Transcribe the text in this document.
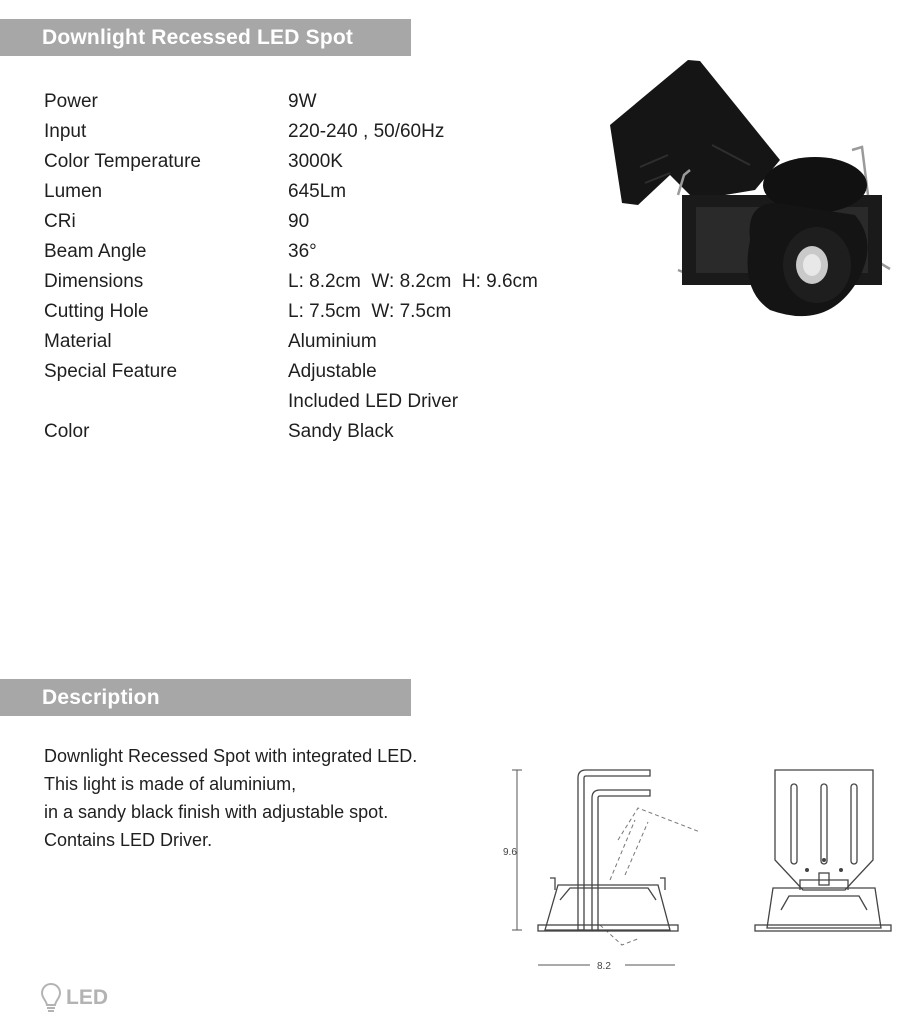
Downlight Recessed LED Spot
Power	9W
Input	220-240 , 50/60Hz
Color Temperature	3000K
Lumen	645Lm
CRi	90
Beam Angle	36°
Dimensions	L: 8.2cm  W: 8.2cm  H: 9.6cm
Cutting Hole	L: 7.5cm  W: 7.5cm
Material	Aluminium
Special Feature	Adjustable
Included LED Driver
Color	Sandy Black
Description
Downlight Recessed Spot with integrated LED.
This light is made of aluminium,
in a sandy black finish with adjustable spot.
Contains LED Driver.
9.6
8.2
LED
